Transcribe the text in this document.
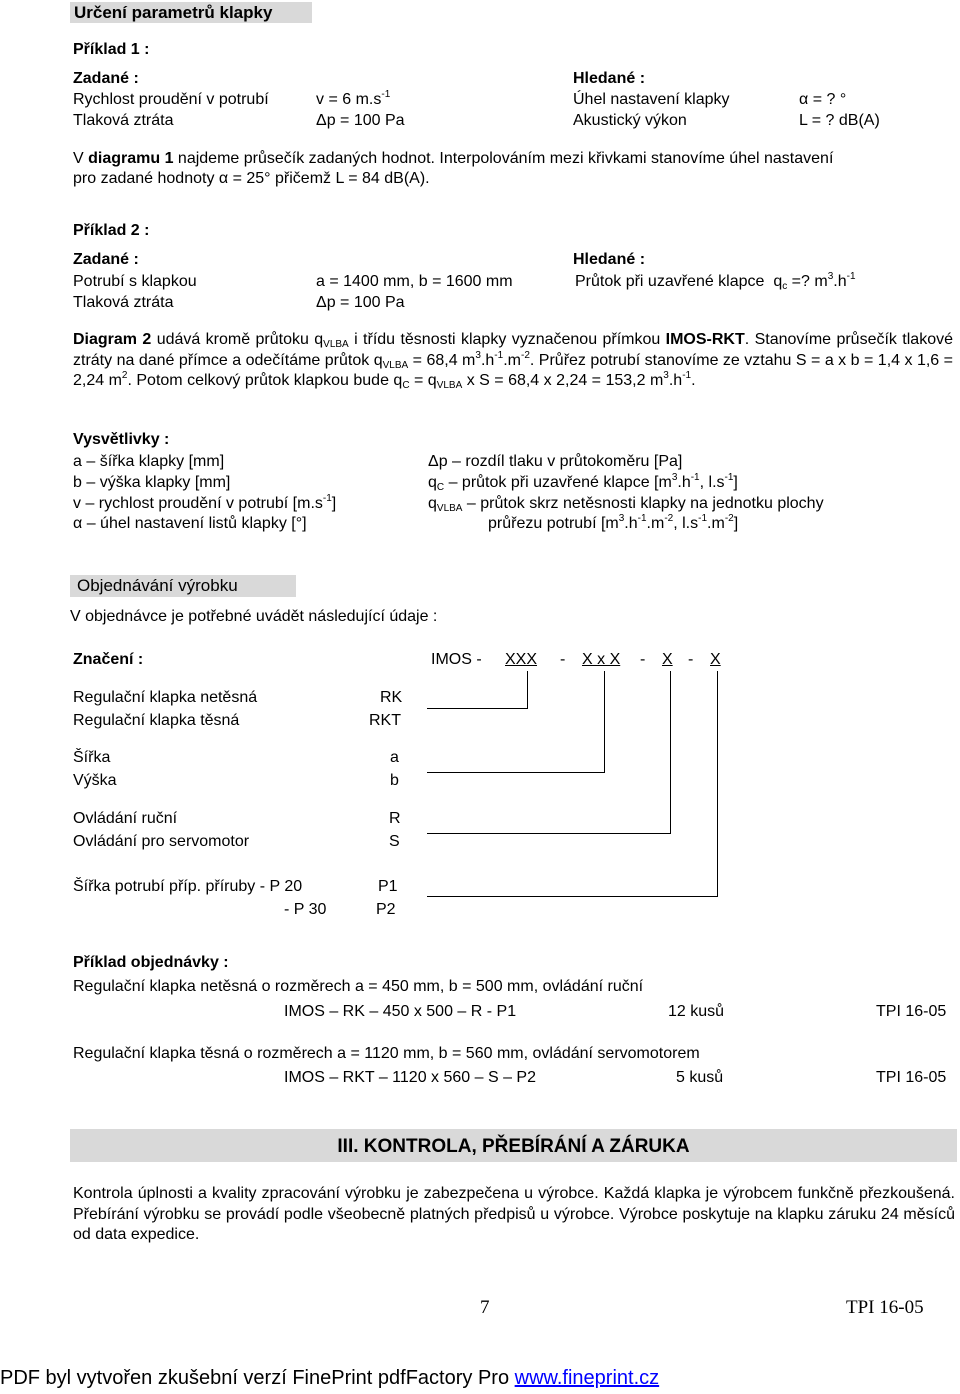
Určení parametrů klapky
Příklad 1 :
Zadané :	Hledané :
Rychlost proudění v potrubí	v = 6 $m.s^{-1}$	Úhel nastavení klapky	α = ? °
Tlaková ztráta	Δp = 100 Pa	Akustický výkon	L = ? dB(A)
V diagramu 1 najdeme průsečík zadaných hodnot. Interpolováním mezi křivkami stanovíme úhel nastavení
pro zadané hodnoty α = 25° přičemž L = 84 dB(A).
Příklad 2 :
Zadané :	Hledané :
Potrubí s klapkou	a = 1400 mm, b = 1600 mm	Průtok při uzavřené klapce $q_c$ =? $m^3.h^{-1}$
Tlaková ztráta	Δp = 100 Pa
Diagram 2 udává kromě průtoku $q_{VLBA}$ i třídu těsnosti klapky vyznačenou přímkou IMOS-RKT. Stanovíme průsečík tlakové ztráty na dané přímce a odečítáme průtok $q_{VLBA} = 68,4$ $m^3.h^{-1}.m^{-2}$. Průřez potrubí stanovíme ze vztahu S = a x b = 1,4 x 1,6 = 2,24 $m^2$. Potom celkový průtok klapkou bude $q_C = q_{VLBA}$ x S = 68,4 x 2,24 = 153,2 $m^3.h^{-1}$.
Vysvětlivky :
a – šířka klapky [mm]
b – výška klapky [mm]
v – rychlost proudění v potrubí $[m.s^{-1}]$
α – úhel nastavení listů klapky [°]
Δp – rozdíl tlaku v průtokoměru [Pa]
$q_C$ – průtok při uzavřené klapce [$m^3.h^{-1}$, $l.s^{-1}$]
$q_{VLBA}$ – průtok skrz netěsnosti klapky na jednotku plochy
průřezu potrubí [$m^3.h^{-1}.m^{-2}$, $l.s^{-1}.m^{-2}$]
Objednávání výrobku
V objednávce je potřebné uvádět následující údaje :
Značení :	IMOS - XXX - X x X - X - X
Regulační klapka netěsná	RK
Regulační klapka těsná	RKT
Šířka	a
Výška	b
Ovládání ruční	R
Ovládání pro servomotor	S
Šířka potrubí příp. příruby - P 20	P1
- P 30	P2
Příklad objednávky :
Regulační klapka netěsná o rozměrech a = 450 mm, b = 500 mm, ovládání ruční
IMOS – RK – 450 x 500 – R - P1	12 kusů	TPI 16-05
Regulační klapka těsná o rozměrech a = 1120 mm, b = 560 mm, ovládání servomotorem
IMOS – RKT – 1120 x 560 – S – P2	5 kusů	TPI 16-05
III. KONTROLA, PŘEBÍRÁNÍ A ZÁRUKA
Kontrola úplnosti a kvality zpracování výrobku je zabezpečena u výrobce. Každá klapka je výrobcem funkčně přezkoušená. Přebírání výrobku se provádí podle všeobecně platných předpisů u výrobce. Výrobce poskytuje na klapku záruku 24 měsíců od data expedice.
7	TPI 16-05
PDF byl vytvořen zkušební verzí FinePrint pdfFactory Pro www.fineprint.cz
